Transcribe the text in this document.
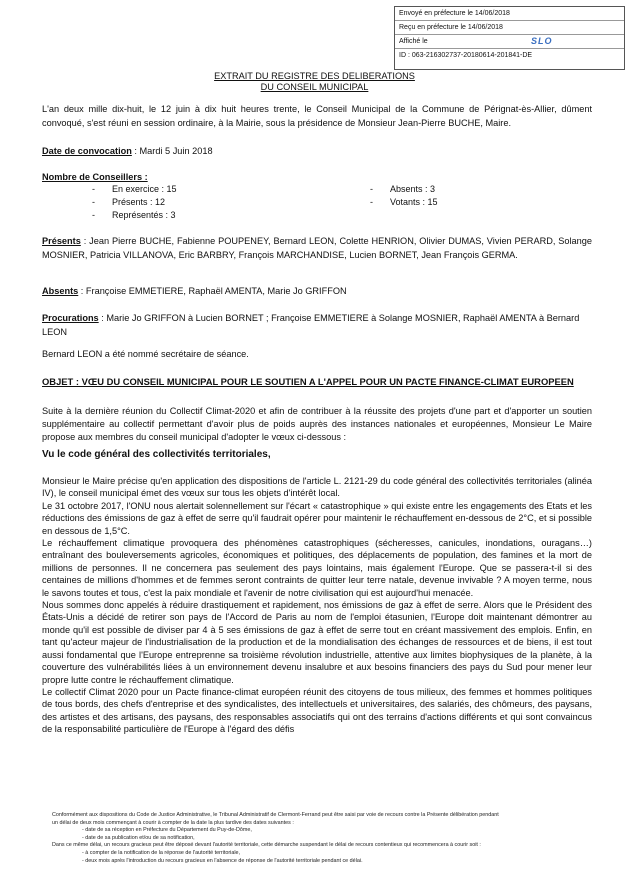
Envoyé en préfecture le 14/06/2018
Reçu en préfecture le 14/06/2018
Affiché le	SLO
ID : 063-216302737-20180614-201841-DE
EXTRAIT DU REGISTRE DES DELIBERATIONS
DU CONSEIL MUNICIPAL
L'an deux mille dix-huit, le 12 juin à dix huit heures trente, le Conseil Municipal de la Commune de Pérignat-ès-Allier, dûment convoqué, s'est réuni en session ordinaire, à la Mairie, sous la présidence de Monsieur Jean-Pierre BUCHE, Maire.
Date de convocation : Mardi 5 Juin 2018
Nombre de Conseillers :
- En exercice : 15
- Présents : 12
- Représentés : 3
- Absents : 3
- Votants : 15
Présents : Jean Pierre BUCHE, Fabienne POUPENEY, Bernard LEON, Colette HENRION, Olivier DUMAS, Vivien PERARD, Solange MOSNIER, Patricia VILLANOVA, Eric BARBRY, François MARCHANDISE, Lucien BORNET, Jean François GERMA.
Absents : Françoise EMMETIERE, Raphaël AMENTA, Marie Jo GRIFFON
Procurations : Marie Jo GRIFFON à Lucien BORNET ; Françoise EMMETIERE à Solange MOSNIER, Raphaël AMENTA à Bernard LEON
Bernard LEON a été nommé secrétaire de séance.
OBJET : VŒU DU CONSEIL MUNICIPAL POUR LE SOUTIEN A L'APPEL POUR UN PACTE FINANCE-CLIMAT EUROPEEN
Suite à la dernière réunion du Collectif Climat-2020 et afin de contribuer à la réussite des projets d'une part et d'apporter un soutien supplémentaire au collectif permettant d'avoir plus de poids auprès des instances nationales et européennes, Monsieur Le Maire propose aux membres du conseil municipal d'adopter le vœux ci-dessous :
Vu le code général des collectivités territoriales,
Monsieur le Maire précise qu'en application des dispositions de l'article L. 2121-29 du code général des collectivités territoriales (alinéa IV), le conseil municipal émet des vœux sur tous les objets d'intérêt local.
Le 31 octobre 2017, l'ONU nous alertait solennellement sur l'écart « catastrophique » qui existe entre les engagements des Etats et les réductions des émissions de gaz à effet de serre qu'il faudrait opérer pour maintenir le réchauffement en-dessous de 2°C, et si possible en dessous de 1,5°C.
Le réchauffement climatique provoquera des phénomènes catastrophiques (sécheresses, canicules, inondations, ouragans…) entraînant des bouleversements agricoles, économiques et politiques, des déplacements de population, des famines et la mort de millions de personnes. Il ne concernera pas seulement des pays lointains, mais également l'Europe. Que se passera-t-il si des centaines de millions d'hommes et de femmes seront contraints de quitter leur terre natale, devenue invivable ? A moyen terme, nous le savons toutes et tous, c'est la paix mondiale et l'avenir de notre civilisation qui est aujourd'hui menacée.
Nous sommes donc appelés à réduire drastiquement et rapidement, nos émissions de gaz à effet de serre. Alors que le Président des États-Unis a décidé de retirer son pays de l'Accord de Paris au nom de l'emploi étasunien, l'Europe doit maintenant démontrer au monde qu'il est possible de diviser par 4 à 5 ses émissions de gaz à effet de serre tout en créant massivement des emplois. Enfin, en tant qu'acteur majeur de l'industrialisation de la production et de la mondialisation des échanges de ressources et de biens, il est tout aussi fondamental que l'Europe entreprenne sa troisième révolution industrielle, attentive aux limites biophysiques de la planète, à la couverture des vulnérabilités liées à un environnement devenu insalubre et aux besoins financiers des pays du Sud pour mener leur propre lutte contre le réchauffement climatique.
Le collectif Climat 2020 pour un Pacte finance-climat européen réunit des citoyens de tous milieux, des femmes et hommes politiques de tous bords, des chefs d'entreprise et des syndicalistes, des intellectuels et universitaires, des salariés, des chômeurs, des paysans, des artistes et des artisans, des paysans, des responsables associatifs qui ont des terrains d'actions différents et qui sont convaincus de la responsabilité particulière de l'Europe à l'égard des défis
Conformément aux dispositions du Code de Justice Administrative, le Tribunal Administratif de Clermont-Ferrand peut être saisi par voie de recours contre la Présente délibération pendant
un délai de deux mois commençant à courir à compter de la date la plus tardive des dates suivantes :
- date de sa réception en Préfecture du Département du Puy-de-Dôme,
- date de sa publication et/ou de sa notification,
Dans ce même délai, un recours gracieux peut être déposé devant l'autorité territoriale, cette démarche suspendant le délai de recours contentieux qui recommencera à courir soit :
- à compter de la notification de la réponse de l'autorité territoriale,
- deux mois après l'introduction du recours gracieux en l'absence de réponse de l'autorité territoriale pendant ce délai.
